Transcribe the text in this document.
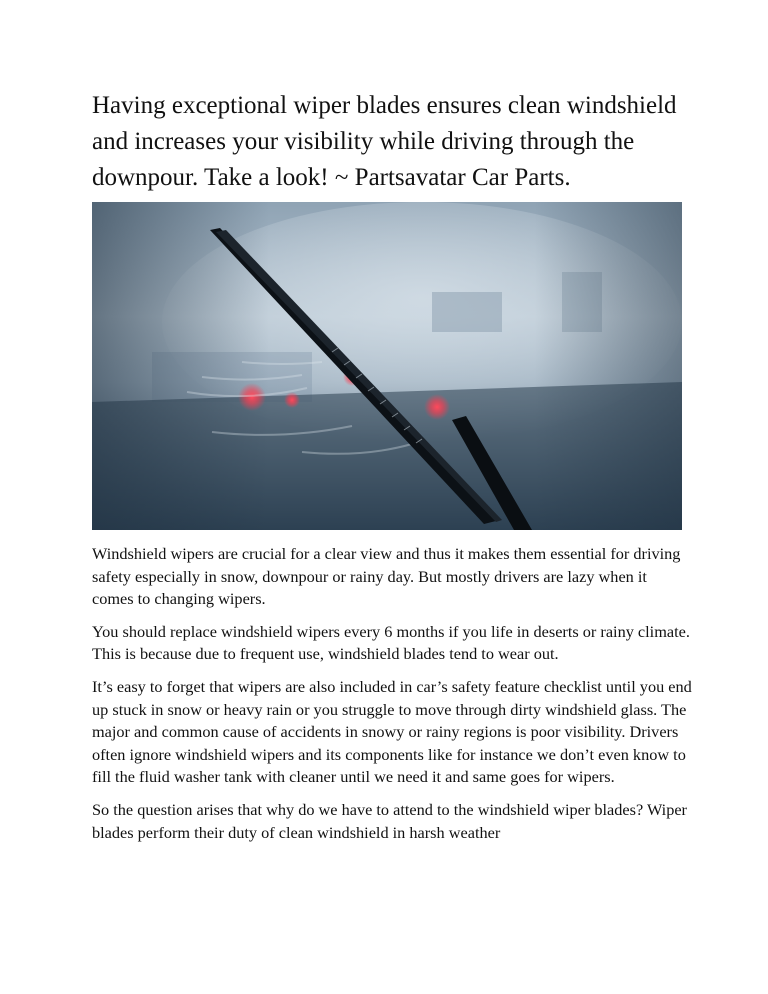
Having exceptional wiper blades ensures clean windshield and increases your visibility while driving through the downpour. Take a look! ~ Partsavatar Car Parts.

Windshield wipers are crucial for a clear view and thus it makes them essential for driving safety especially in snow, downpour or rainy day. But mostly drivers are lazy when it comes to changing wipers.

You should replace windshield wipers every 6 months if you life in deserts or rainy climate. This is because due to frequent use, windshield blades tend to wear out.

It’s easy to forget that wipers are also included in car’s safety feature checklist until you end up stuck in snow or heavy rain or you struggle to move through dirty windshield glass. The major and common cause of accidents in snowy or rainy regions is poor visibility. Drivers often ignore windshield wipers and its components like for instance we don’t even know to fill the fluid washer tank with cleaner until we need it and same goes for wipers.

So the question arises that why do we have to attend to the windshield wiper blades? Wiper blades perform their duty of clean windshield in harsh weather
